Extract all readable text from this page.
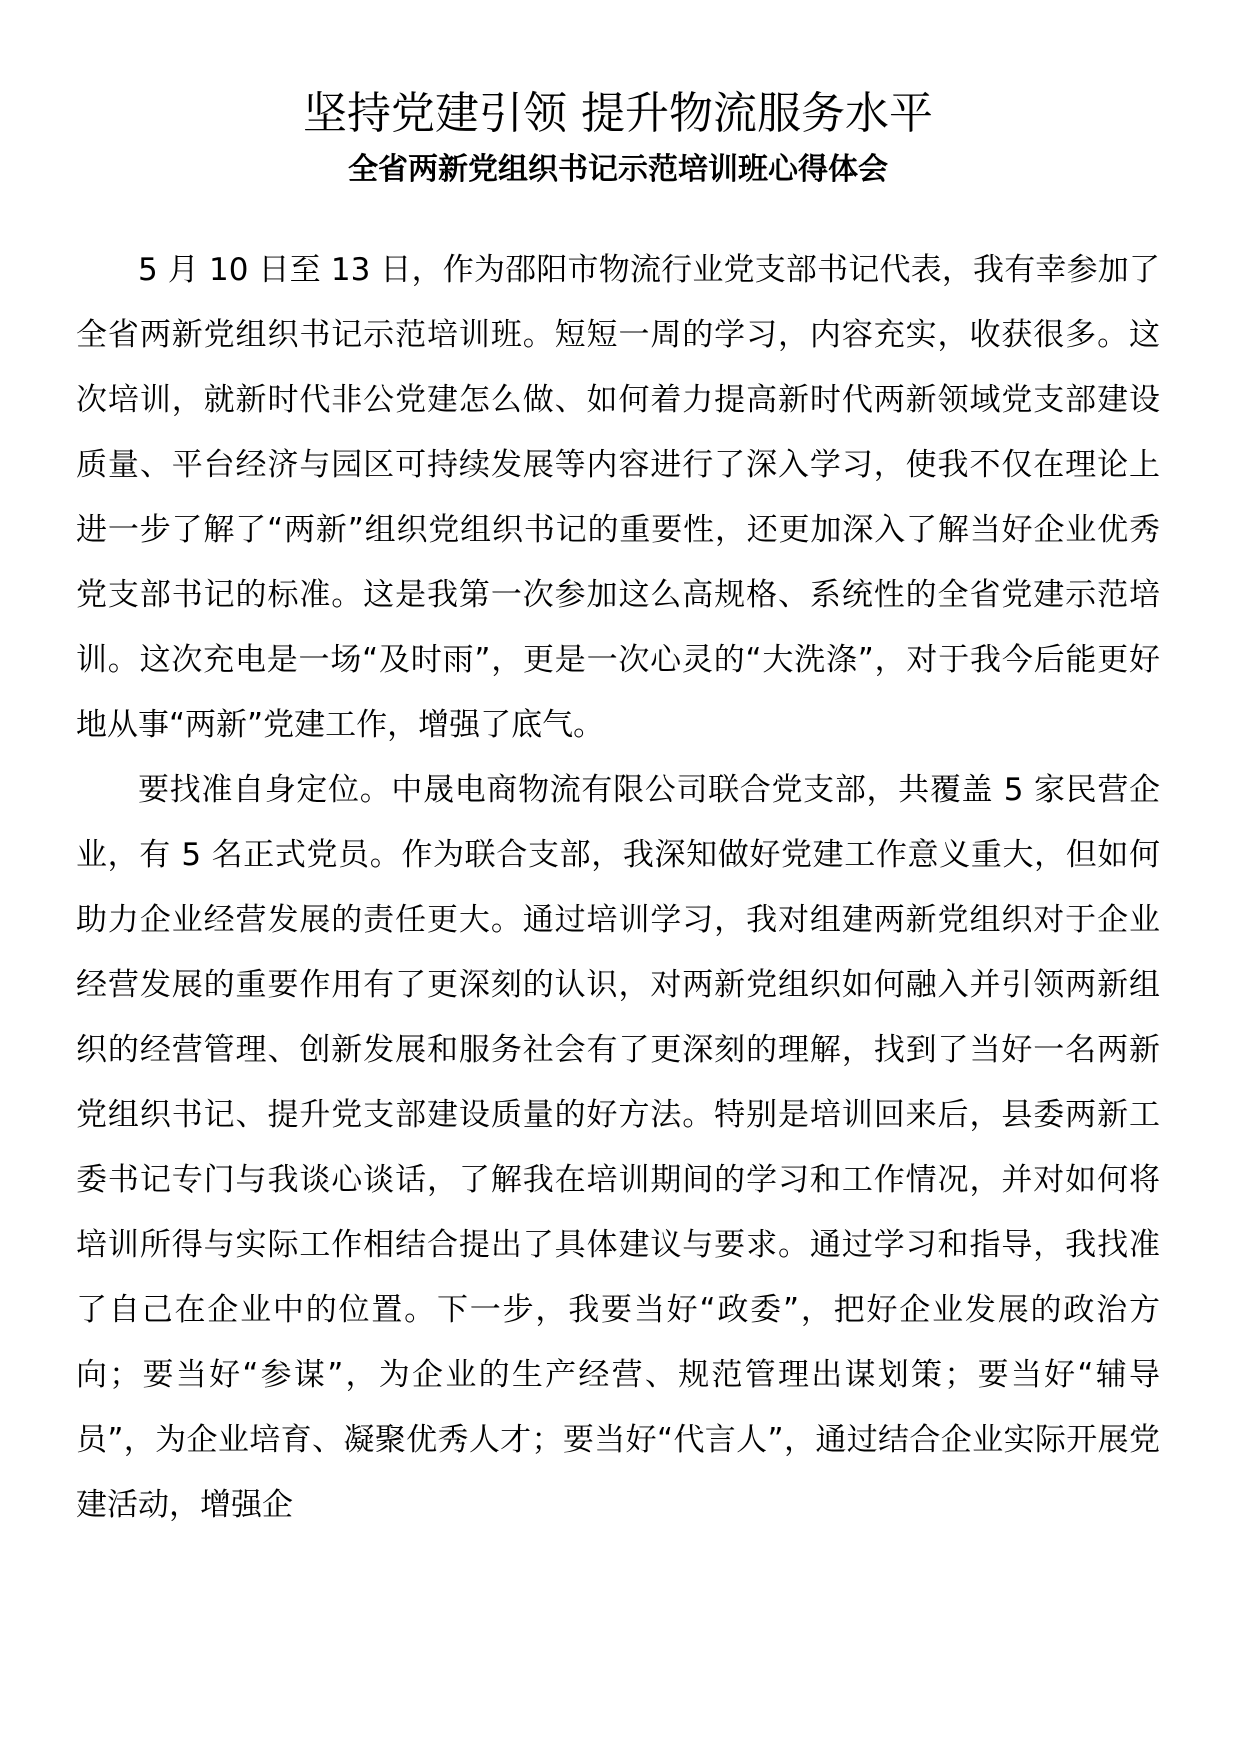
坚持党建引领 提升物流服务水平
全省两新党组织书记示范培训班心得体会

5 月 10 日至 13 日，作为邵阳市物流行业党支部书记代表，我有幸参加了全省两新党组织书记示范培训班。短短一周的学习，内容充实，收获很多。这次培训，就新时代非公党建怎么做、如何着力提高新时代两新领域党支部建设质量、平台经济与园区可持续发展等内容进行了深入学习，使我不仅在理论上进一步了解了“两新”组织党组织书记的重要性，还更加深入了解当好企业优秀党支部书记的标准。这是我第一次参加这么高规格、系统性的全省党建示范培训。这次充电是一场“及时雨”，更是一次心灵的“大洗涤”，对于我今后能更好地从事“两新”党建工作，增强了底气。

要找准自身定位。中晟电商物流有限公司联合党支部，共覆盖 5 家民营企业，有 5 名正式党员。作为联合支部，我深知做好党建工作意义重大，但如何助力企业经营发展的责任更大。通过培训学习，我对组建两新党组织对于企业经营发展的重要作用有了更深刻的认识，对两新党组织如何融入并引领两新组织的经营管理、创新发展和服务社会有了更深刻的理解，找到了当好一名两新党组织书记、提升党支部建设质量的好方法。特别是培训回来后，县委两新工委书记专门与我谈心谈话，了解我在培训期间的学习和工作情况，并对如何将培训所得与实际工作相结合提出了具体建议与要求。通过学习和指导，我找准了自己在企业中的位置。下一步，我要当好“政委”，把好企业发展的政治方向；要当好“参谋”，为企业的生产经营、规范管理出谋划策；要当好“辅导员”，为企业培育、凝聚优秀人才；要当好“代言人”，通过结合企业实际开展党建活动，增强企
